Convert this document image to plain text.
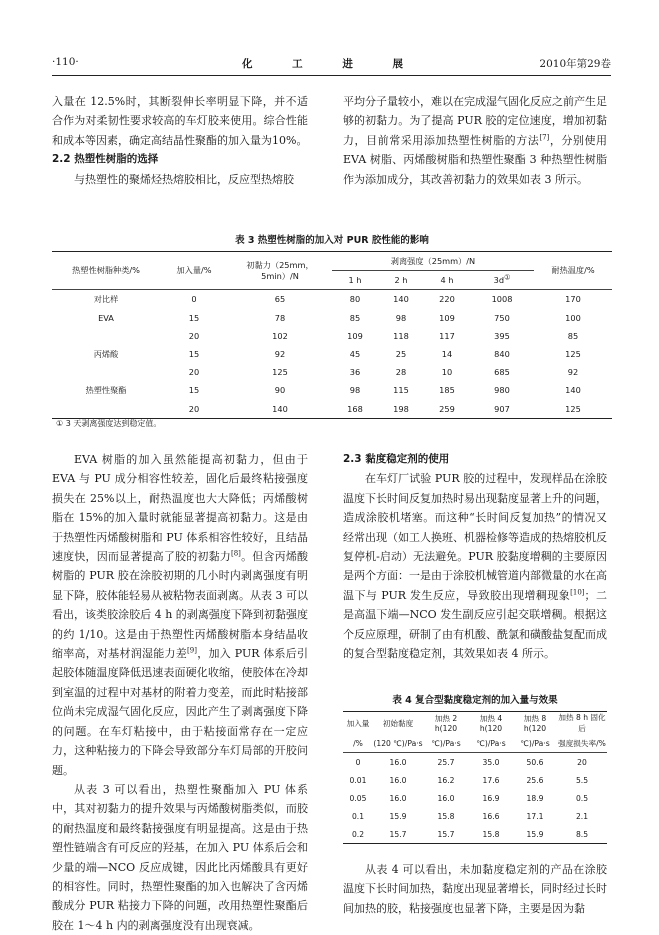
·110·	化 工 进 展	2010年第29卷

入量在 12.5%时，其断裂伸长率明显下降，并不适合作为对柔韧性要求较高的车灯胶来使用。综合性能和成本等因素，确定高结晶性聚酯的加入量为10%。

2.2 热塑性树脂的选择

与热塑性的聚烯烃热熔胶相比，反应型热熔胶

平均分子量较小，难以在完成湿气固化反应之前产生足够的初黏力。为了提高 PUR 胶的定位速度，增加初黏力，目前常采用添加热塑性树脂的方法[7]，分别使用 EVA 树脂、丙烯酸树脂和热塑性聚酯 3 种热塑性树脂作为添加成分，其改善初黏力的效果如表 3 所示。

表 3 热塑性树脂的加入对 PUR 胶性能的影响
热塑性树脂种类/%	加入量/%	初黏力（25mm，5min）/N	剥离强度（25mm）/N				耐热温度/%
			1 h	2 h	4 h	3d①
对比样	0	65	80	140	220	1008	170
EVA	15	78	85	98	109	750	100
	20	102	109	118	117	395	85
丙烯酸	15	92	45	25	14	840	125
	20	125	36	28	10	685	92
热塑性聚酯	15	90	98	115	185	980	140
	20	140	168	198	259	907	125
① 3 天剥离强度达到稳定值。

EVA 树脂的加入虽然能提高初黏力，但由于 EVA 与 PU 成分相容性较差，固化后最终粘接强度损失在 25%以上，耐热温度也大大降低；丙烯酸树脂在 15%的加入量时就能显著提高初黏力。这是由于热塑性丙烯酸树脂和 PU 体系相容性较好，且结晶速度快，因而显著提高了胶的初黏力[8]。但含丙烯酸树脂的 PUR 胶在涂胶初期的几小时内剥离强度有明显下降，胶体能轻易从被粘物表面剥离。从表 3 可以看出，该类胶涂胶后 4 h 的剥离强度下降到初黏强度的约 1/10。这是由于热塑性丙烯酸树脂本身结晶收缩率高，对基材润湿能力差[9]，加入 PUR 体系后引起胶体随温度降低迅速表面硬化收缩，使胶体在冷却到室温的过程中对基材的附着力变差，而此时粘接部位尚未完成湿气固化反应，因此产生了剥离强度下降的问题。在车灯粘接中，由于粘接面常存在一定应力，这种粘接力的下降会导致部分车灯局部的开胶问题。

从表 3 可以看出，热塑性聚酯加入 PU 体系中，其对初黏力的提升效果与丙烯酸树脂类似，而胶的耐热温度和最终黏接强度有明显提高。这是由于热塑性链端含有可反应的羟基，在加入 PU 体系后会和少量的端—NCO 反应成键，因此比丙烯酸具有更好的相容性。同时，热塑性聚酯的加入也解决了含丙烯酸成分 PUR 粘接力下降的问题，改用热塑性聚酯后胶在 1～4 h 内的剥离强度没有出现衰减。

2.3 黏度稳定剂的使用

在车灯厂试验 PUR 胶的过程中，发现样品在涂胶温度下长时间反复加热时易出现黏度显著上升的问题，造成涂胶机堵塞。而这种“长时间反复加热”的情况又经常出现（如工人换班、机器检修等造成的热熔胶机反复停机-启动）无法避免。PUR 胶黏度增稠的主要原因是两个方面：一是由于涂胶机械管道内部微量的水在高温下与 PUR 发生反应，导致胶出现增稠现象[10]；二是高温下端—NCO 发生副反应引起交联增稠。根据这个反应原理，研制了由有机酸、酰氯和磺酸盐复配而成的复合型黏度稳定剂，其效果如表 4 所示。

表 4 复合型黏度稳定剂的加入量与效果
加入量	初始黏度	加热 2 h(120	加热 4 h(120	加热 8 h(120	加热 8 h 固化后
/%	(120 ℃)/Pa·s	℃)/Pa·s	℃)/Pa·s	℃)/Pa·s	强度损失率/%
0	16.0	25.7	35.0	50.6	20
0.01	16.0	16.2	17.6	25.6	5.5
0.05	16.0	16.0	16.9	18.9	0.5
0.1	15.9	15.8	16.6	17.1	2.1
0.2	15.7	15.7	15.8	15.9	8.5

从表 4 可以看出，未加黏度稳定剂的产品在涂胶温度下长时间加热，黏度出现显著增长，同时经过长时间加热的胶，粘接强度也显著下降，主要是因为黏
